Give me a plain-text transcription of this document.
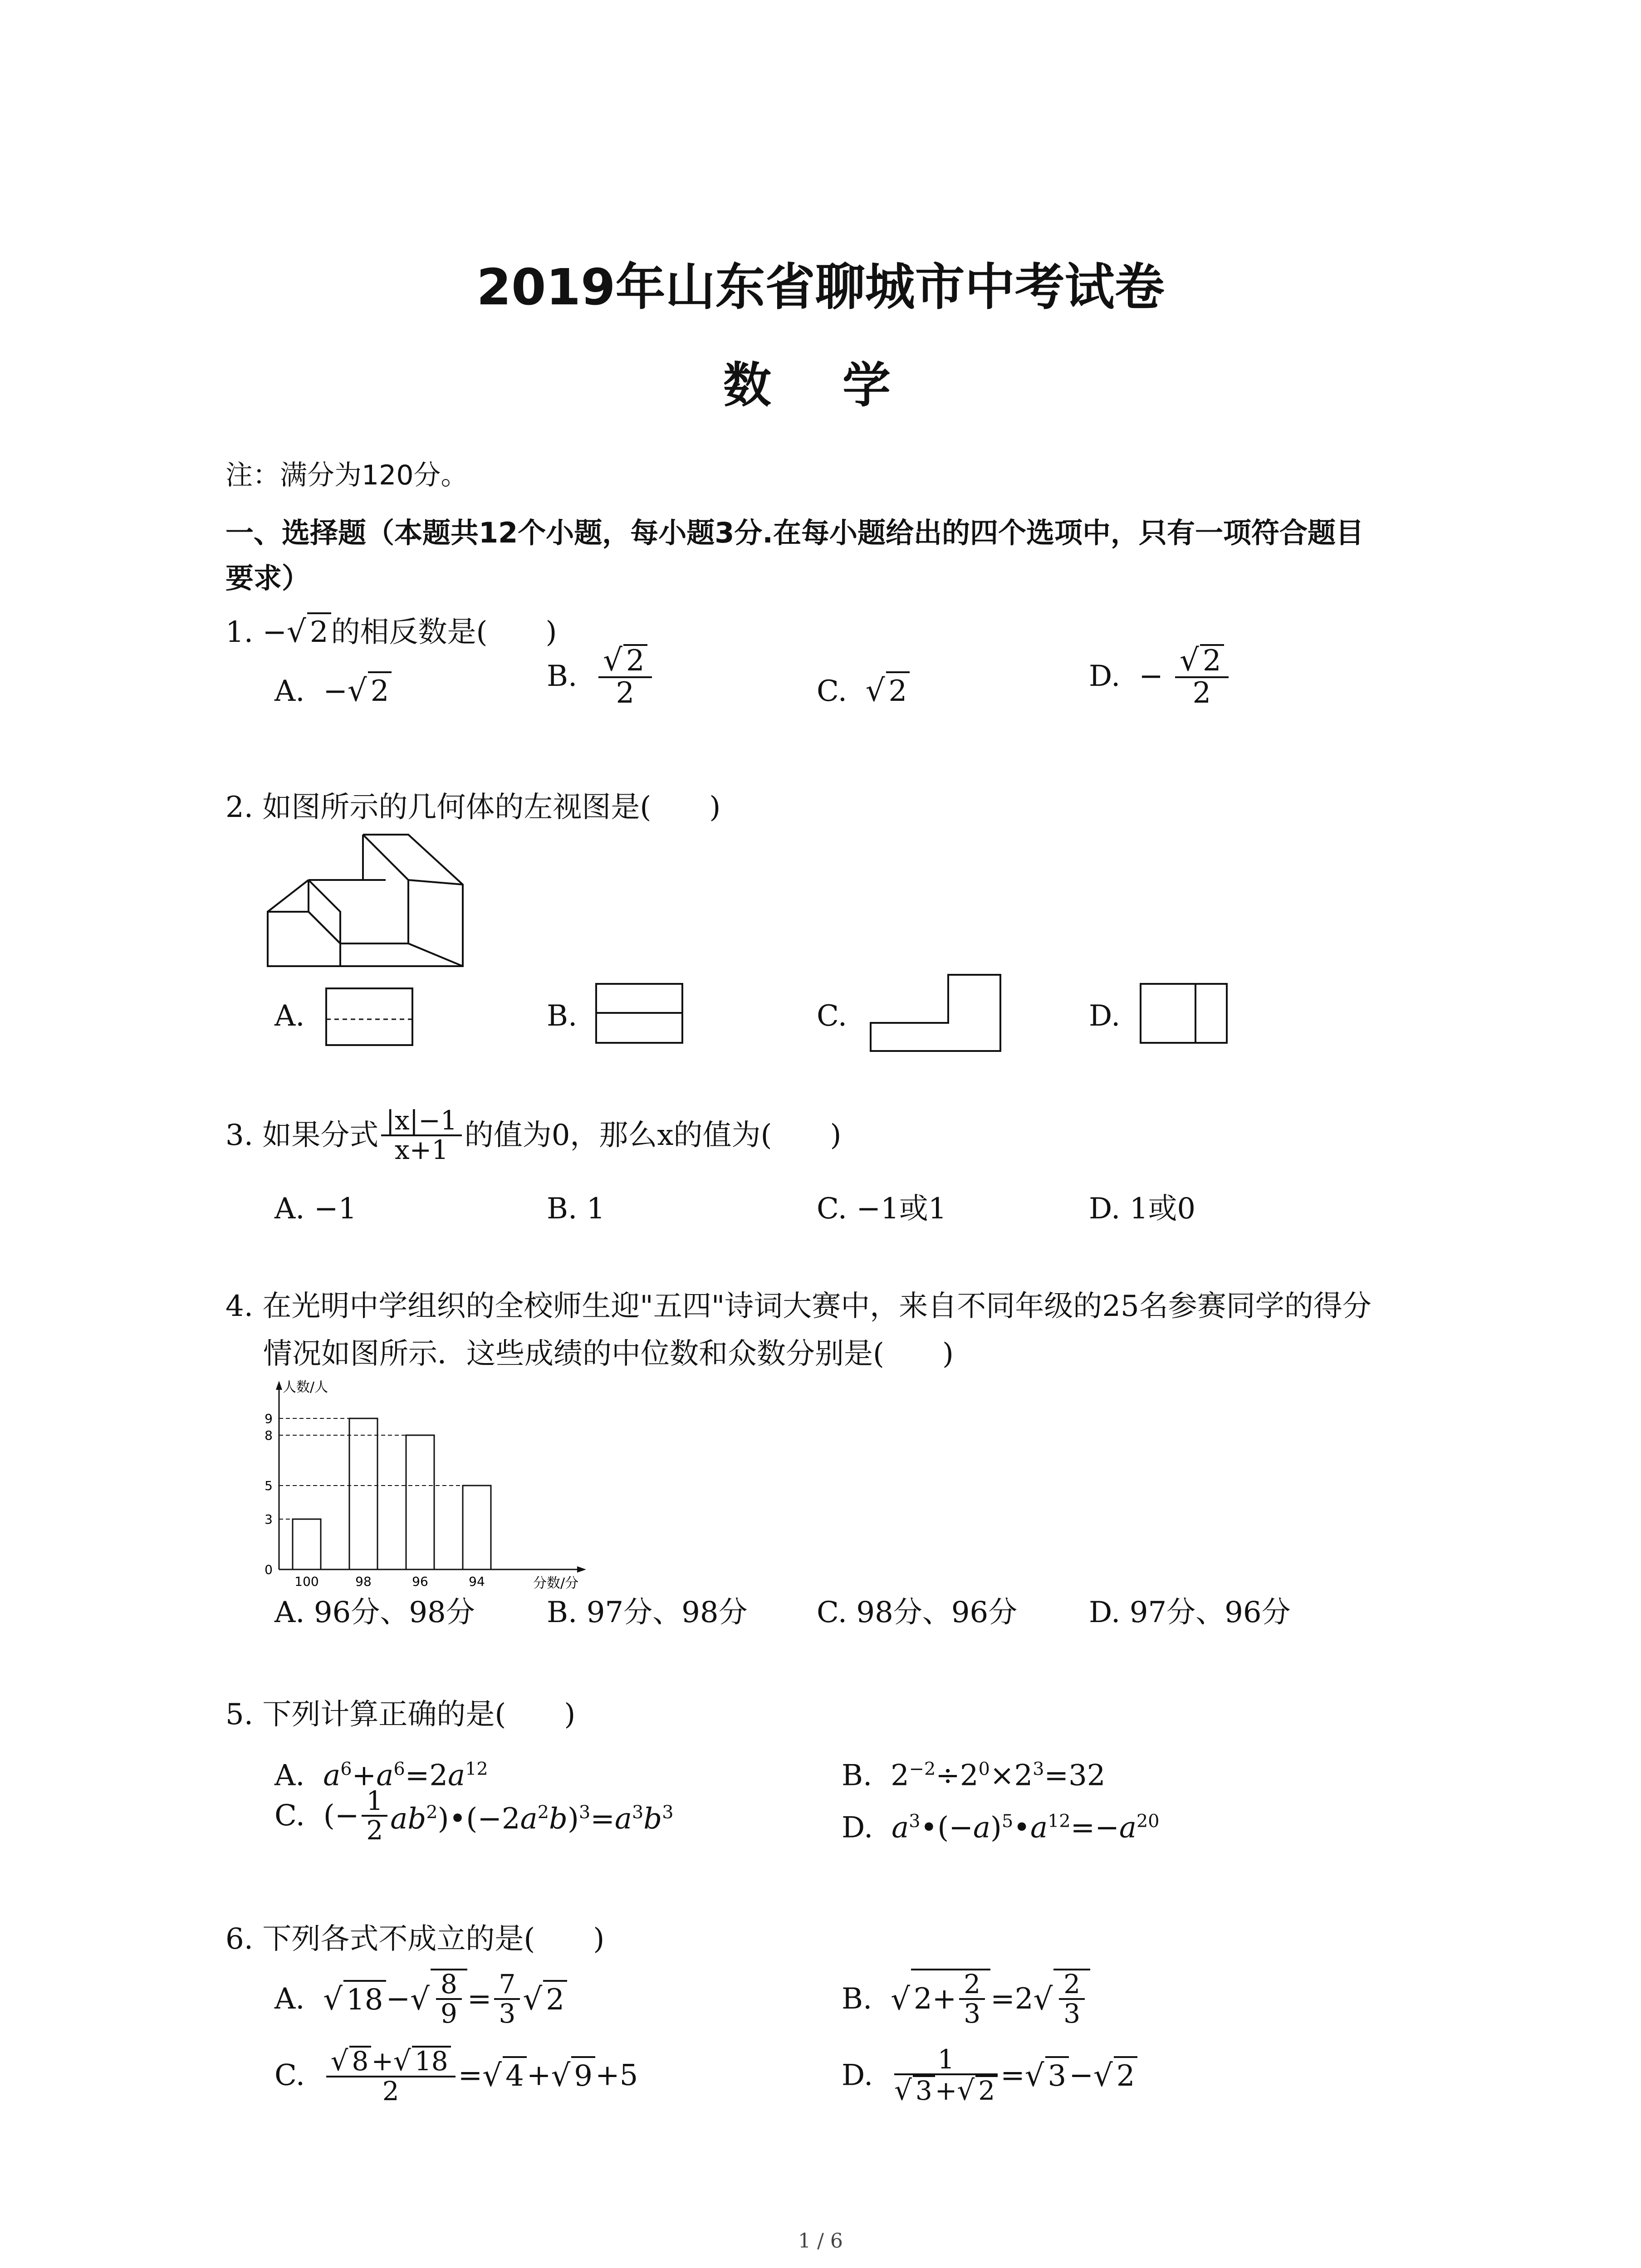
2019年山东省聊城市中考试卷
数 学
注：满分为120分。
一、选择题（本题共12个小题，每小题3分.在每小题给出的四个选项中，只有一项符合题目
要求）
1. −√ 2的相反数是(　　)
A. −√ 2	B. $\frac{√ 2}{2}$	C. √ 2	D. − $\frac{√ 2}{2}$
2. 如图所示的几何体的左视图是(　　)
A.	B.	C.	D.
3. 如果分式 $\frac{|x|-1}{x+1}$ 的值为0，那么x的值为(　　)
A. −1	B. 1	C. −1或1	D. 1或0
4. 在光明中学组织的全校师生迎"五四"诗词大赛中，来自不同年级的25名参赛同学的得分
情况如图所示．这些成绩的中位数和众数分别是(　　)
人数/人
分数/分
0
3
5
8
9
100	98	96	94
A. 96分、98分 B. 97分、98分 C. 98分、96分 D. 97分、96分
5. 下列计算正确的是(　　)
A. $a^6+a^6=2a^{12}$	B.  $2^{-2}\div 2^0\times 2^3=32$
C. (− $\frac{1}{2}$ $ab^2)•(-2a^2b)^3=a^3b^3$	D. $a^3•(-a)^5•a^{12}=-a^{20}$
6. 下列各式不成立的是(　　)
A. √ $18-√ \frac{8}{9} = \frac{7}{3}$ √ 2	B. √ $2+ \frac{2}{3} =2√ \frac{2}{3}$
C. $\frac{√ 8 +√ 18}{2}$ =√ 4+√ 9+5	D. $\frac{1}{√ 3 +√ 2}$ =√ 3−√ 2
1 / 6
